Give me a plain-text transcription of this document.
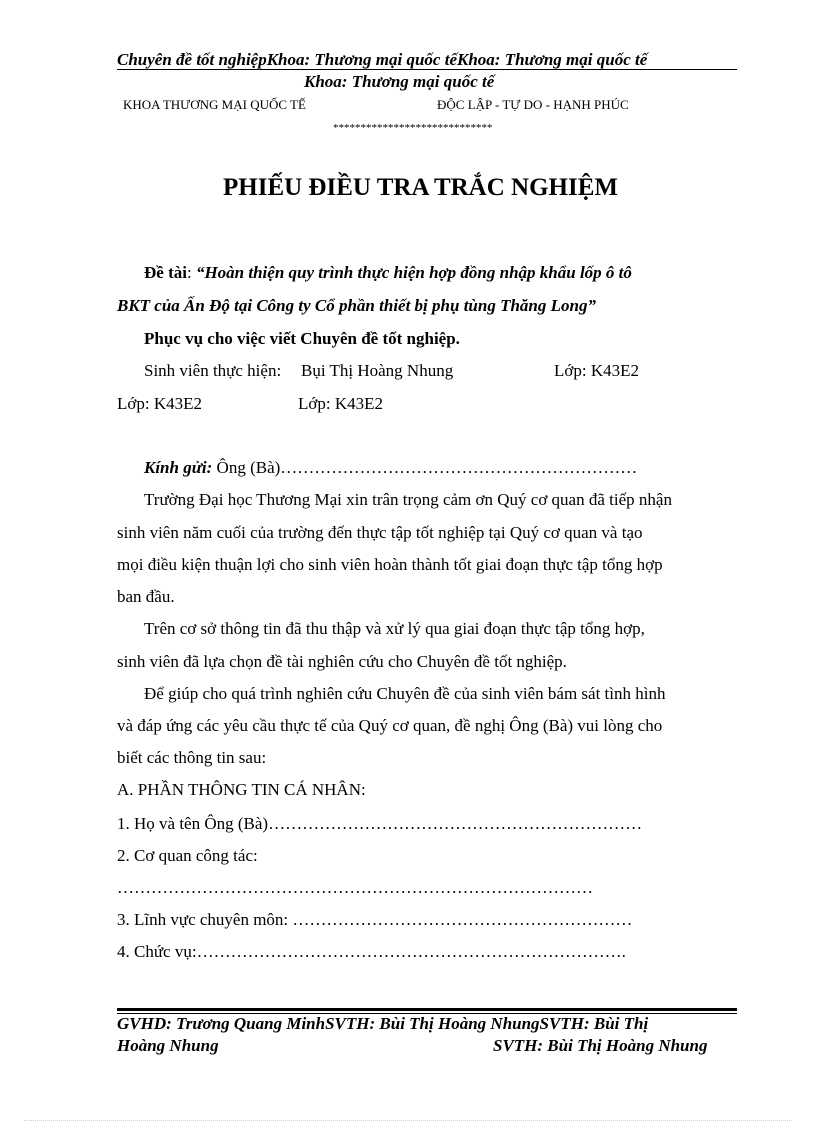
Chuyên đề tốt nghiệpKhoa: Thương mại quốc tếKhoa: Thương mại quốc tế
Khoa: Thương mại quốc tế
KHOA THƯƠNG MẠI QUỐC TẾ	ĐỘC LẬP - TỰ DO - HẠNH PHÚC
*****************************
PHIẾU ĐIỀU TRA TRẮC NGHIỆM
Đề tài: “Hoàn thiện quy trình thực hiện hợp đồng nhập khẩu lốp ô tô
BKT của Ấn Độ tại Công ty Cổ phần thiết bị phụ tùng Thăng Long”
Phục vụ cho việc viết Chuyên đề tốt nghiệp.
Sinh viên thực hiện: Bụi Thị Hoàng Nhung	Lớp: K43E2
Lớp: K43E2	Lớp: K43E2
Kính gửi: Ông (Bà)………………………………………………………
Trường Đại học Thương Mại xin trân trọng cảm ơn Quý cơ quan đã tiếp nhận
sinh viên năm cuối của trường đến thực tập tốt nghiệp tại Quý cơ quan và tạo
mọi điều kiện thuận lợi cho sinh viên hoàn thành tốt giai đoạn thực tập tổng hợp
ban đầu.
Trên cơ sở thông tin đã thu thập và xử lý qua giai đoạn thực tập tổng hợp,
sinh viên đã lựa chọn đề tài nghiên cứu cho Chuyên đề tốt nghiệp.
Để giúp cho quá trình nghiên cứu Chuyên đề của sinh viên bám sát tình hình
và đáp ứng các yêu cầu thực tế của Quý cơ quan, đề nghị Ông (Bà) vui lòng cho
biết các thông tin sau:
A. PHẦN THÔNG TIN CÁ NHÂN:
1. Họ và tên Ông (Bà)…………………………………………………………
2. Cơ quan công tác:
…………………………………………………………………………
3. Lĩnh vực chuyên môn: ……………………………………………………
4. Chức vụ:………………………………………………………………….
GVHD: Trương Quang MinhSVTH: Bùi Thị Hoàng NhungSVTH: Bùi Thị
Hoàng Nhung	SVTH: Bùi Thị Hoàng Nhung
